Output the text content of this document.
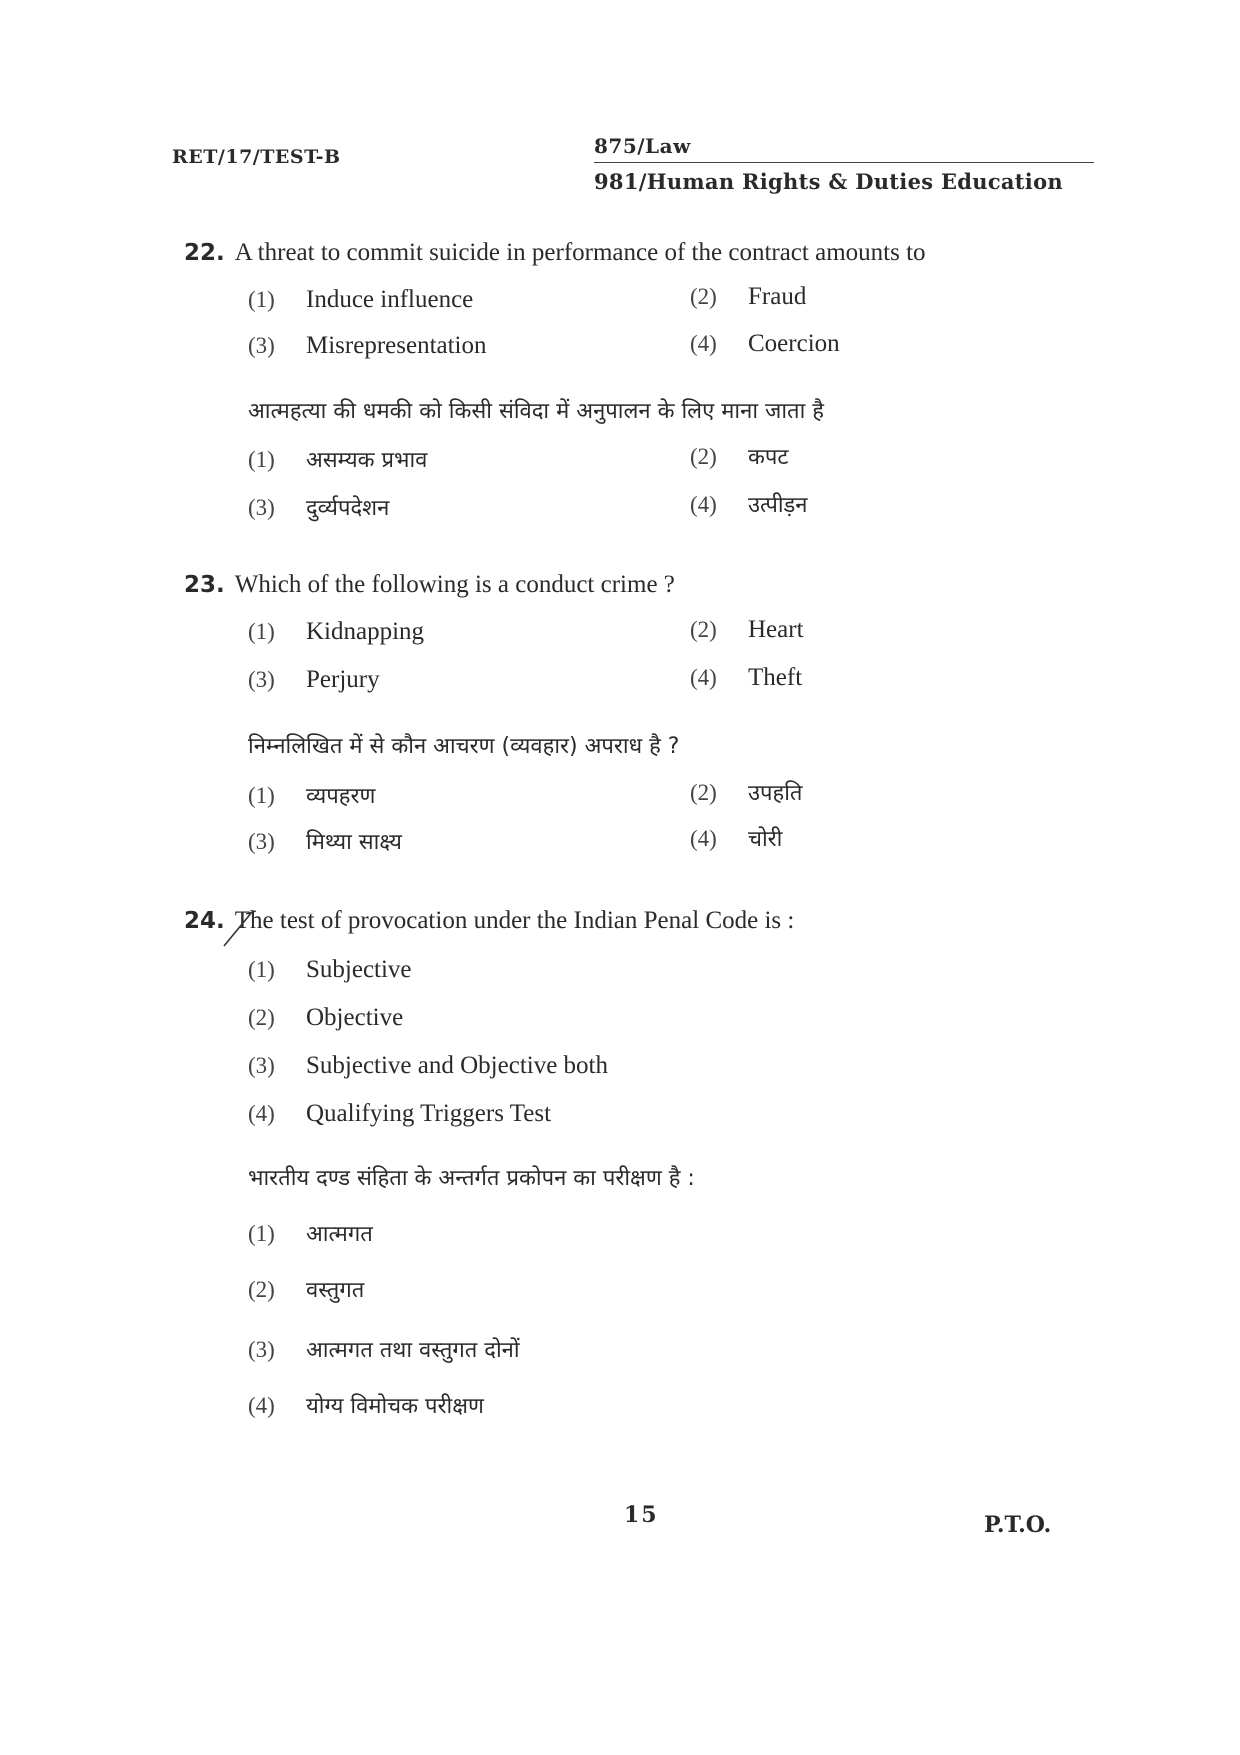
RET/17/TEST-B	875/Law
981/Human Rights & Duties Education
22. A threat to commit suicide in performance of the contract amounts to
(1) Induce influence	(2) Fraud
(3) Misrepresentation	(4) Coercion
आत्महत्या की धमकी को किसी संविदा में अनुपालन के लिए माना जाता है
(1) असम्यक प्रभाव	(2) कपट
(3) दुर्व्यपदेशन	(4) उत्पीड़न
23. Which of the following is a conduct crime ?
(1) Kidnapping	(2) Heart
(3) Perjury	(4) Theft
निम्नलिखित में से कौन आचरण (व्यवहार) अपराध है ?
(1) व्यपहरण	(2) उपहति
(3) मिथ्या साक्ष्य	(4) चोरी
24. The test of provocation under the Indian Penal Code is :
(1) Subjective
(2) Objective
(3) Subjective and Objective both
(4) Qualifying Triggers Test
भारतीय दण्ड संहिता के अन्तर्गत प्रकोपन का परीक्षण है :
(1) आत्मगत
(2) वस्तुगत
(3) आत्मगत तथा वस्तुगत दोनों
(4) योग्य विमोचक परीक्षण
15	P.T.O.
